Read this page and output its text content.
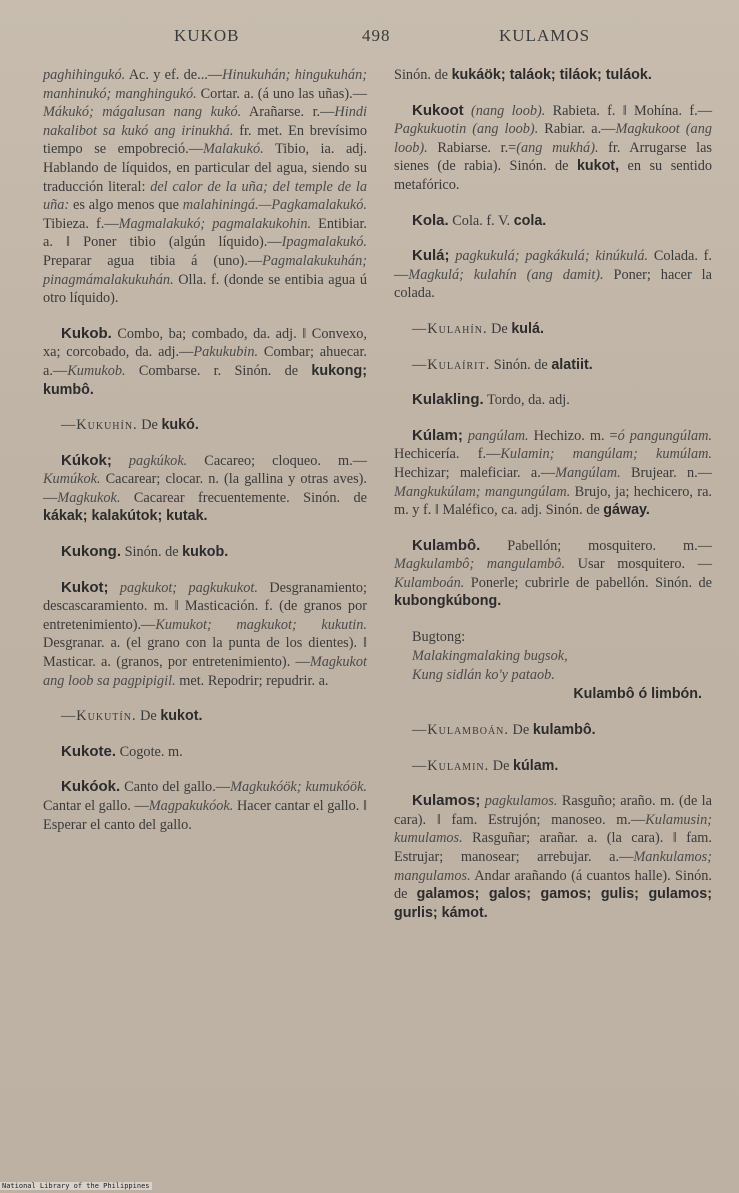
KUKOB	498	KULAMOS
paghihingukó. Ac. y ef. de...—Hinukuhán; hingukuhán; manhinukó; manghingukó. Cortar. a. (á uno las uñas).—Mákukó; mágalusan nang kukó. Arañarse. r.—Hindi nakalibot sa kukó ang irinukhá. fr. met. En brevísimo tiempo se empobreció.—Malakukó. Tibio, ia. adj. Hablando de líquidos, en particular del agua, siendo su traducción literal: del calor de la uña; del temple de la uña: es algo menos que malahiningá.—Pagkamalakukó. Tibieza. f.—Magmalakukó; pagmalakukohin. Entibiar. a. ‖ Poner tibio (algún líquido).—Ipagmalakukó. Preparar agua tibia á (uno).—Pagmalakukuhán; pinagmámalakukuhán. Olla. f. (donde se entibia agua ú otro líquido).
Kukob. Combo, ba; combado, da. adj. ‖ Convexo, xa; corcobado, da. adj.—Pakukubin. Combar; ahuecar. a.—Kumukob. Combarse. r. Sinón. de kukong; kumbô.
—Kukuhín. De kukó.
Kúkok; pagkúkok. Cacareo; cloqueo. m.—Kumúkok. Cacarear; clocar. n. (la gallina y otras aves).—Magkukok. Cacarear frecuentemente. Sinón. de kákak; kalakútok; kutak.
Kukong. Sinón. de kukob.
Kukot; pagkukot; pagkukukot. Desgranamiento; descascaramiento. m. ‖ Masticación. f. (de granos por entretenimiento).—Kumukot; magkukot; kukutin. Desgranar. a. (el grano con la punta de los dientes). ‖ Masticar. a. (granos, por entretenimiento). —Magkukot ang loob sa pagpipigil. met. Repodrir; repudrir. a.
—Kukutín. De kukot.
Kukote. Cogote. m.
Kukóok. Canto del gallo.—Magkukóök; kumukóök. Cantar el gallo. —Magpakukóok. Hacer cantar el gallo. ‖ Esperar el canto del gallo.
Sinón. de kukáök; taláok; tiláok; tuláok.
Kukoot (nang loob). Rabieta. f. ‖ Mohína. f.—Pagkukuotin (ang loob). Rabiar. a.—Magkukoot (ang loob). Rabiarse. r.=(ang mukhá). fr. Arrugarse las sienes (de rabia). Sinón. de kukot, en su sentido metafórico.
Kola. Cola. f. V. cola.
Kulá; pagkukulá; pagkákulá; kinúkulá. Colada. f.—Magkulá; kulahín (ang damit). Poner; hacer la colada.
—Kulahín. De kulá.
—Kulaírit. Sinón. de alatiit.
Kulakling. Tordo, da. adj.
Kúlam; pangúlam. Hechizo. m. =ó pangungúlam. Hechicería. f.—Kulamin; mangúlam; kumúlam. Hechizar; maleficiar. a.—Mangúlam. Brujear. n.—Mangkukúlam; mangungúlam. Brujo, ja; hechicero, ra. m. y f. ‖ Maléfico, ca. adj. Sinón. de gáway.
Kulambô. Pabellón; mosquitero. m.—Magkulambô; mangulambô. Usar mosquitero. — Kulamboán. Ponerle; cubrirle de pabellón. Sinón. de kubongkúbong.
Bugtong:
Malakingmalaking bugsok,
Kung sidlán ko'y pataob.
Kulambô ó limbón.
—Kulamboán. De kulambô.
—Kulamin. De kúlam.
Kulamos; pagkulamos. Rasguño; araño. m. (de la cara). ‖ fam. Estrujón; manoseo. m.—Kulamusin; kumulamos. Rasguñar; arañar. a. (la cara). ‖ fam. Estrujar; manosear; arrebujar. a.—Mankulamos; mangulamos. Andar arañando (á cuantos halle). Sinón. de galamos; galos; gamos; gulis; gulamos; gurlis; kámot.
National Library of the Philippines
